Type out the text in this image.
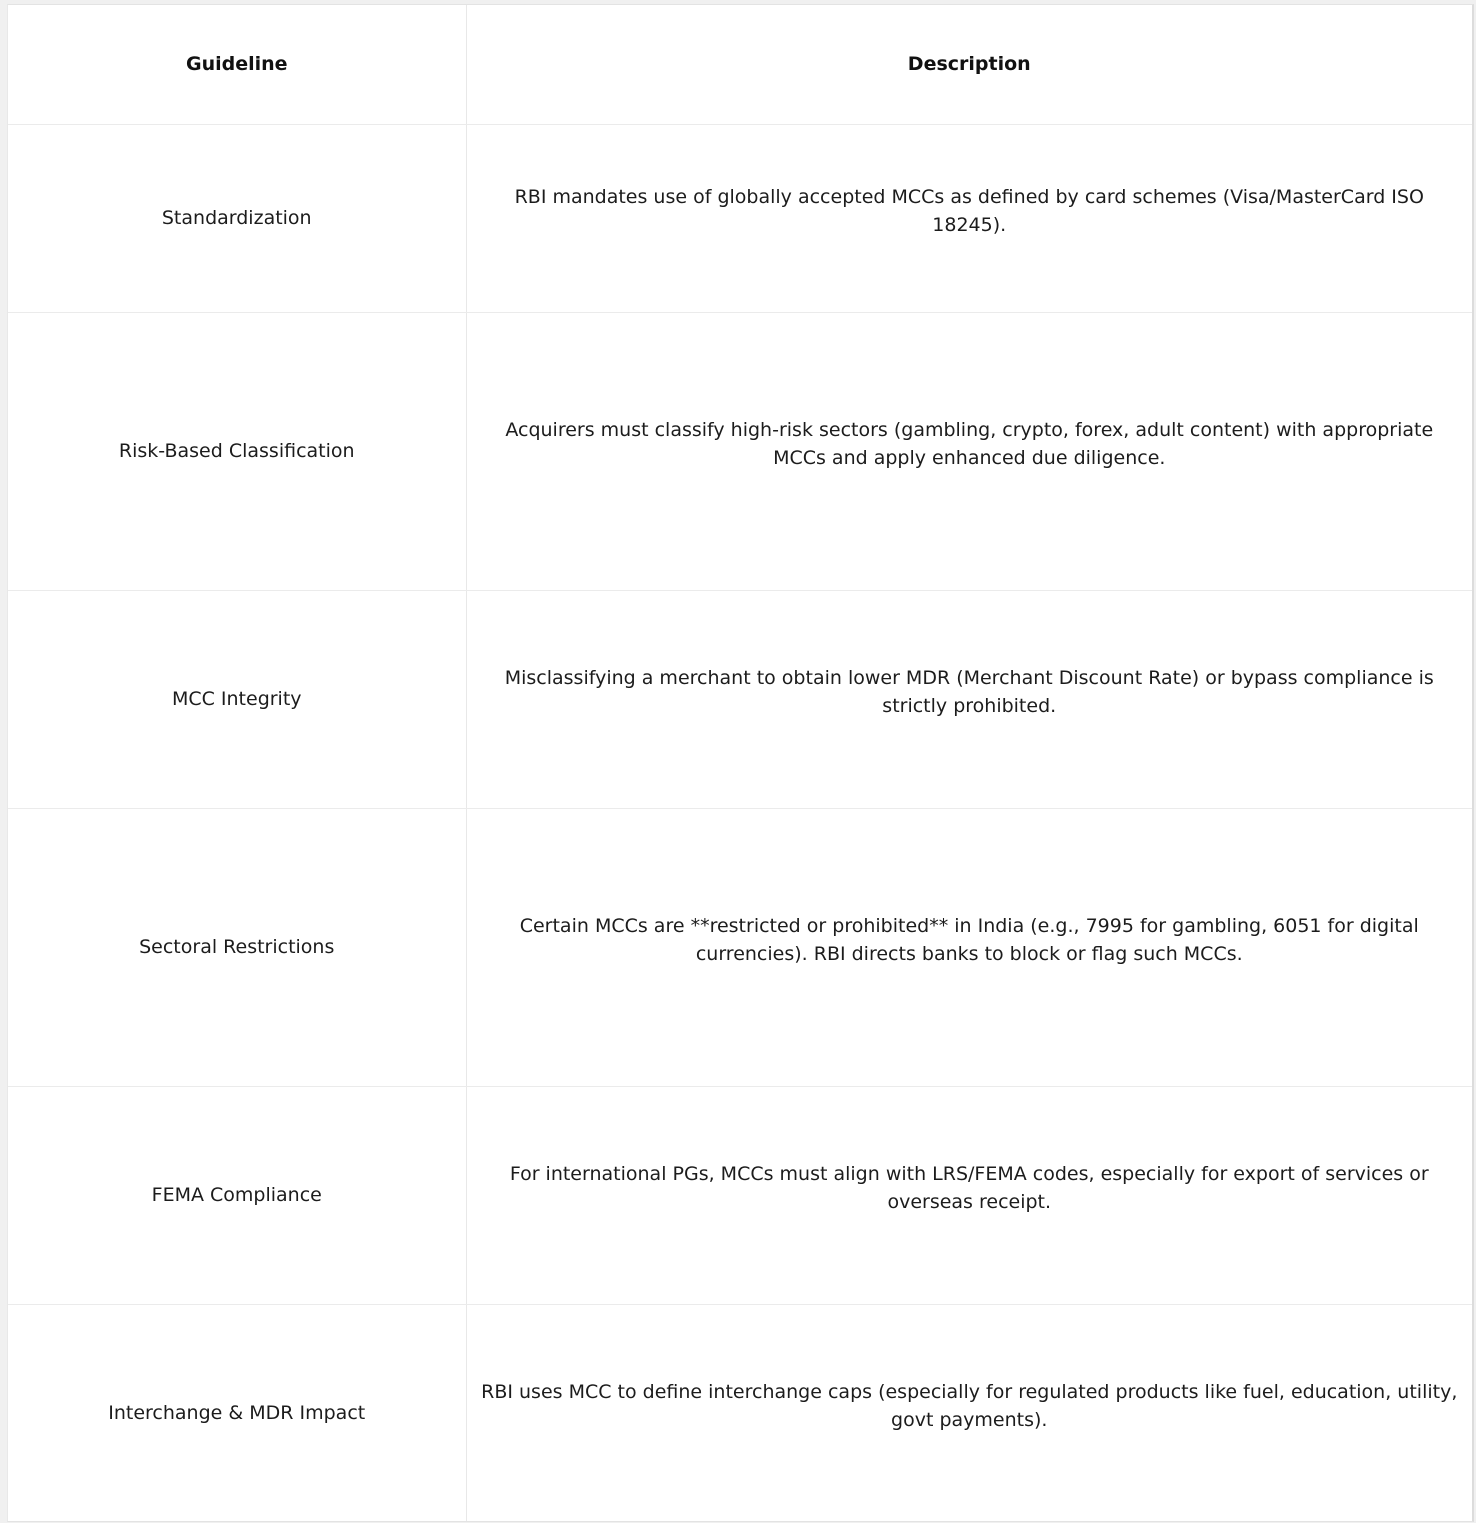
Guideline	Description
Standardization	RBI mandates use of globally accepted MCCs as defined by card schemes (Visa/MasterCard ISO 18245).
Risk-Based Classification	Acquirers must classify high-risk sectors (gambling, crypto, forex, adult content) with appropriate MCCs and apply enhanced due diligence.
MCC Integrity	Misclassifying a merchant to obtain lower MDR (Merchant Discount Rate) or bypass compliance is strictly prohibited.
Sectoral Restrictions	Certain MCCs are **restricted or prohibited** in India (e.g., 7995 for gambling, 6051 for digital currencies). RBI directs banks to block or flag such MCCs.
FEMA Compliance	For international PGs, MCCs must align with LRS/FEMA codes, especially for export of services or overseas receipt.
Interchange & MDR Impact	RBI uses MCC to define interchange caps (especially for regulated products like fuel, education, utility, govt payments).
